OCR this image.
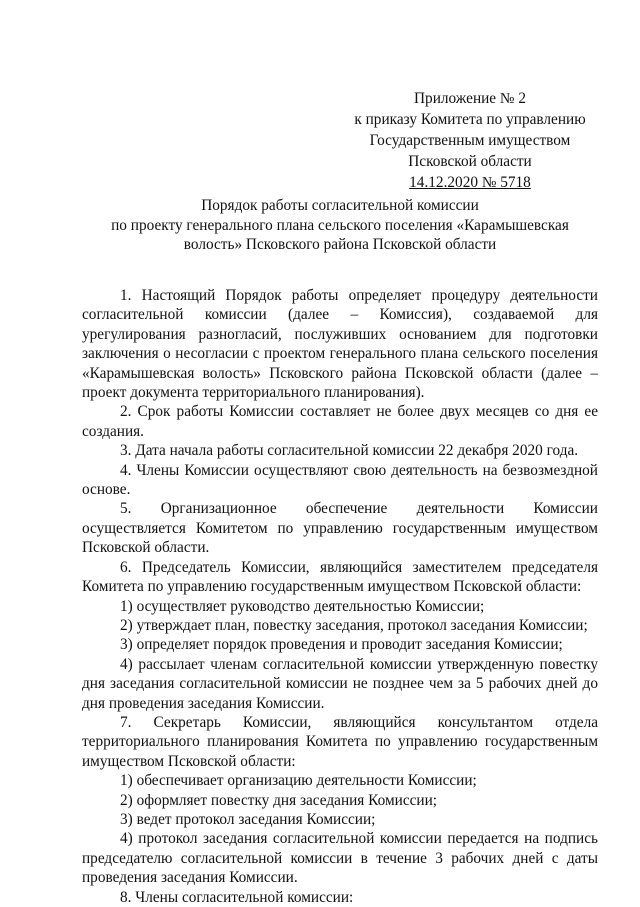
Приложение № 2
к приказу Комитета по управлению
Государственным имуществом
Псковской области
14.12.2020 № 5718
Порядок работы согласительной комиссии
по проекту генерального плана сельского поселения «Карамышевская
волость» Псковского района Псковской области

1. Настоящий Порядок работы определяет процедуру деятельности согласительной комиссии (далее – Комиссия), создаваемой для урегулирования разногласий, послуживших основанием для подготовки заключения о несогласии с проектом генерального плана сельского поселения «Карамышевская волость» Псковского района Псковской области (далее – проект документа территориального планирования).

2. Срок работы Комиссии составляет не более двух месяцев со дня ее создания.

3. Дата начала работы согласительной комиссии 22 декабря 2020 года.

4. Члены Комиссии осуществляют свою деятельность на безвозмездной основе.

5. Организационное обеспечение деятельности Комиссии осуществляется Комитетом по управлению государственным имуществом Псковской области.

6. Председатель Комиссии, являющийся заместителем председателя Комитета по управлению государственным имуществом Псковской области:

1) осуществляет руководство деятельностью Комиссии;

2) утверждает план, повестку заседания, протокол заседания Комиссии;

3) определяет порядок проведения и проводит заседания Комиссии;

4) рассылает членам согласительной комиссии утвержденную повестку дня заседания согласительной комиссии не позднее чем за 5 рабочих дней до дня проведения заседания Комиссии.

7. Секретарь Комиссии, являющийся консультантом отдела территориального планирования Комитета по управлению государственным имуществом Псковской области:

1) обеспечивает организацию деятельности Комиссии;

2) оформляет повестку дня заседания Комиссии;

3) ведет протокол заседания Комиссии;

4) протокол заседания согласительной комиссии передается на подпись председателю согласительной комиссии в течение 3 рабочих дней с даты проведения заседания Комиссии.

8. Члены согласительной комиссии:
